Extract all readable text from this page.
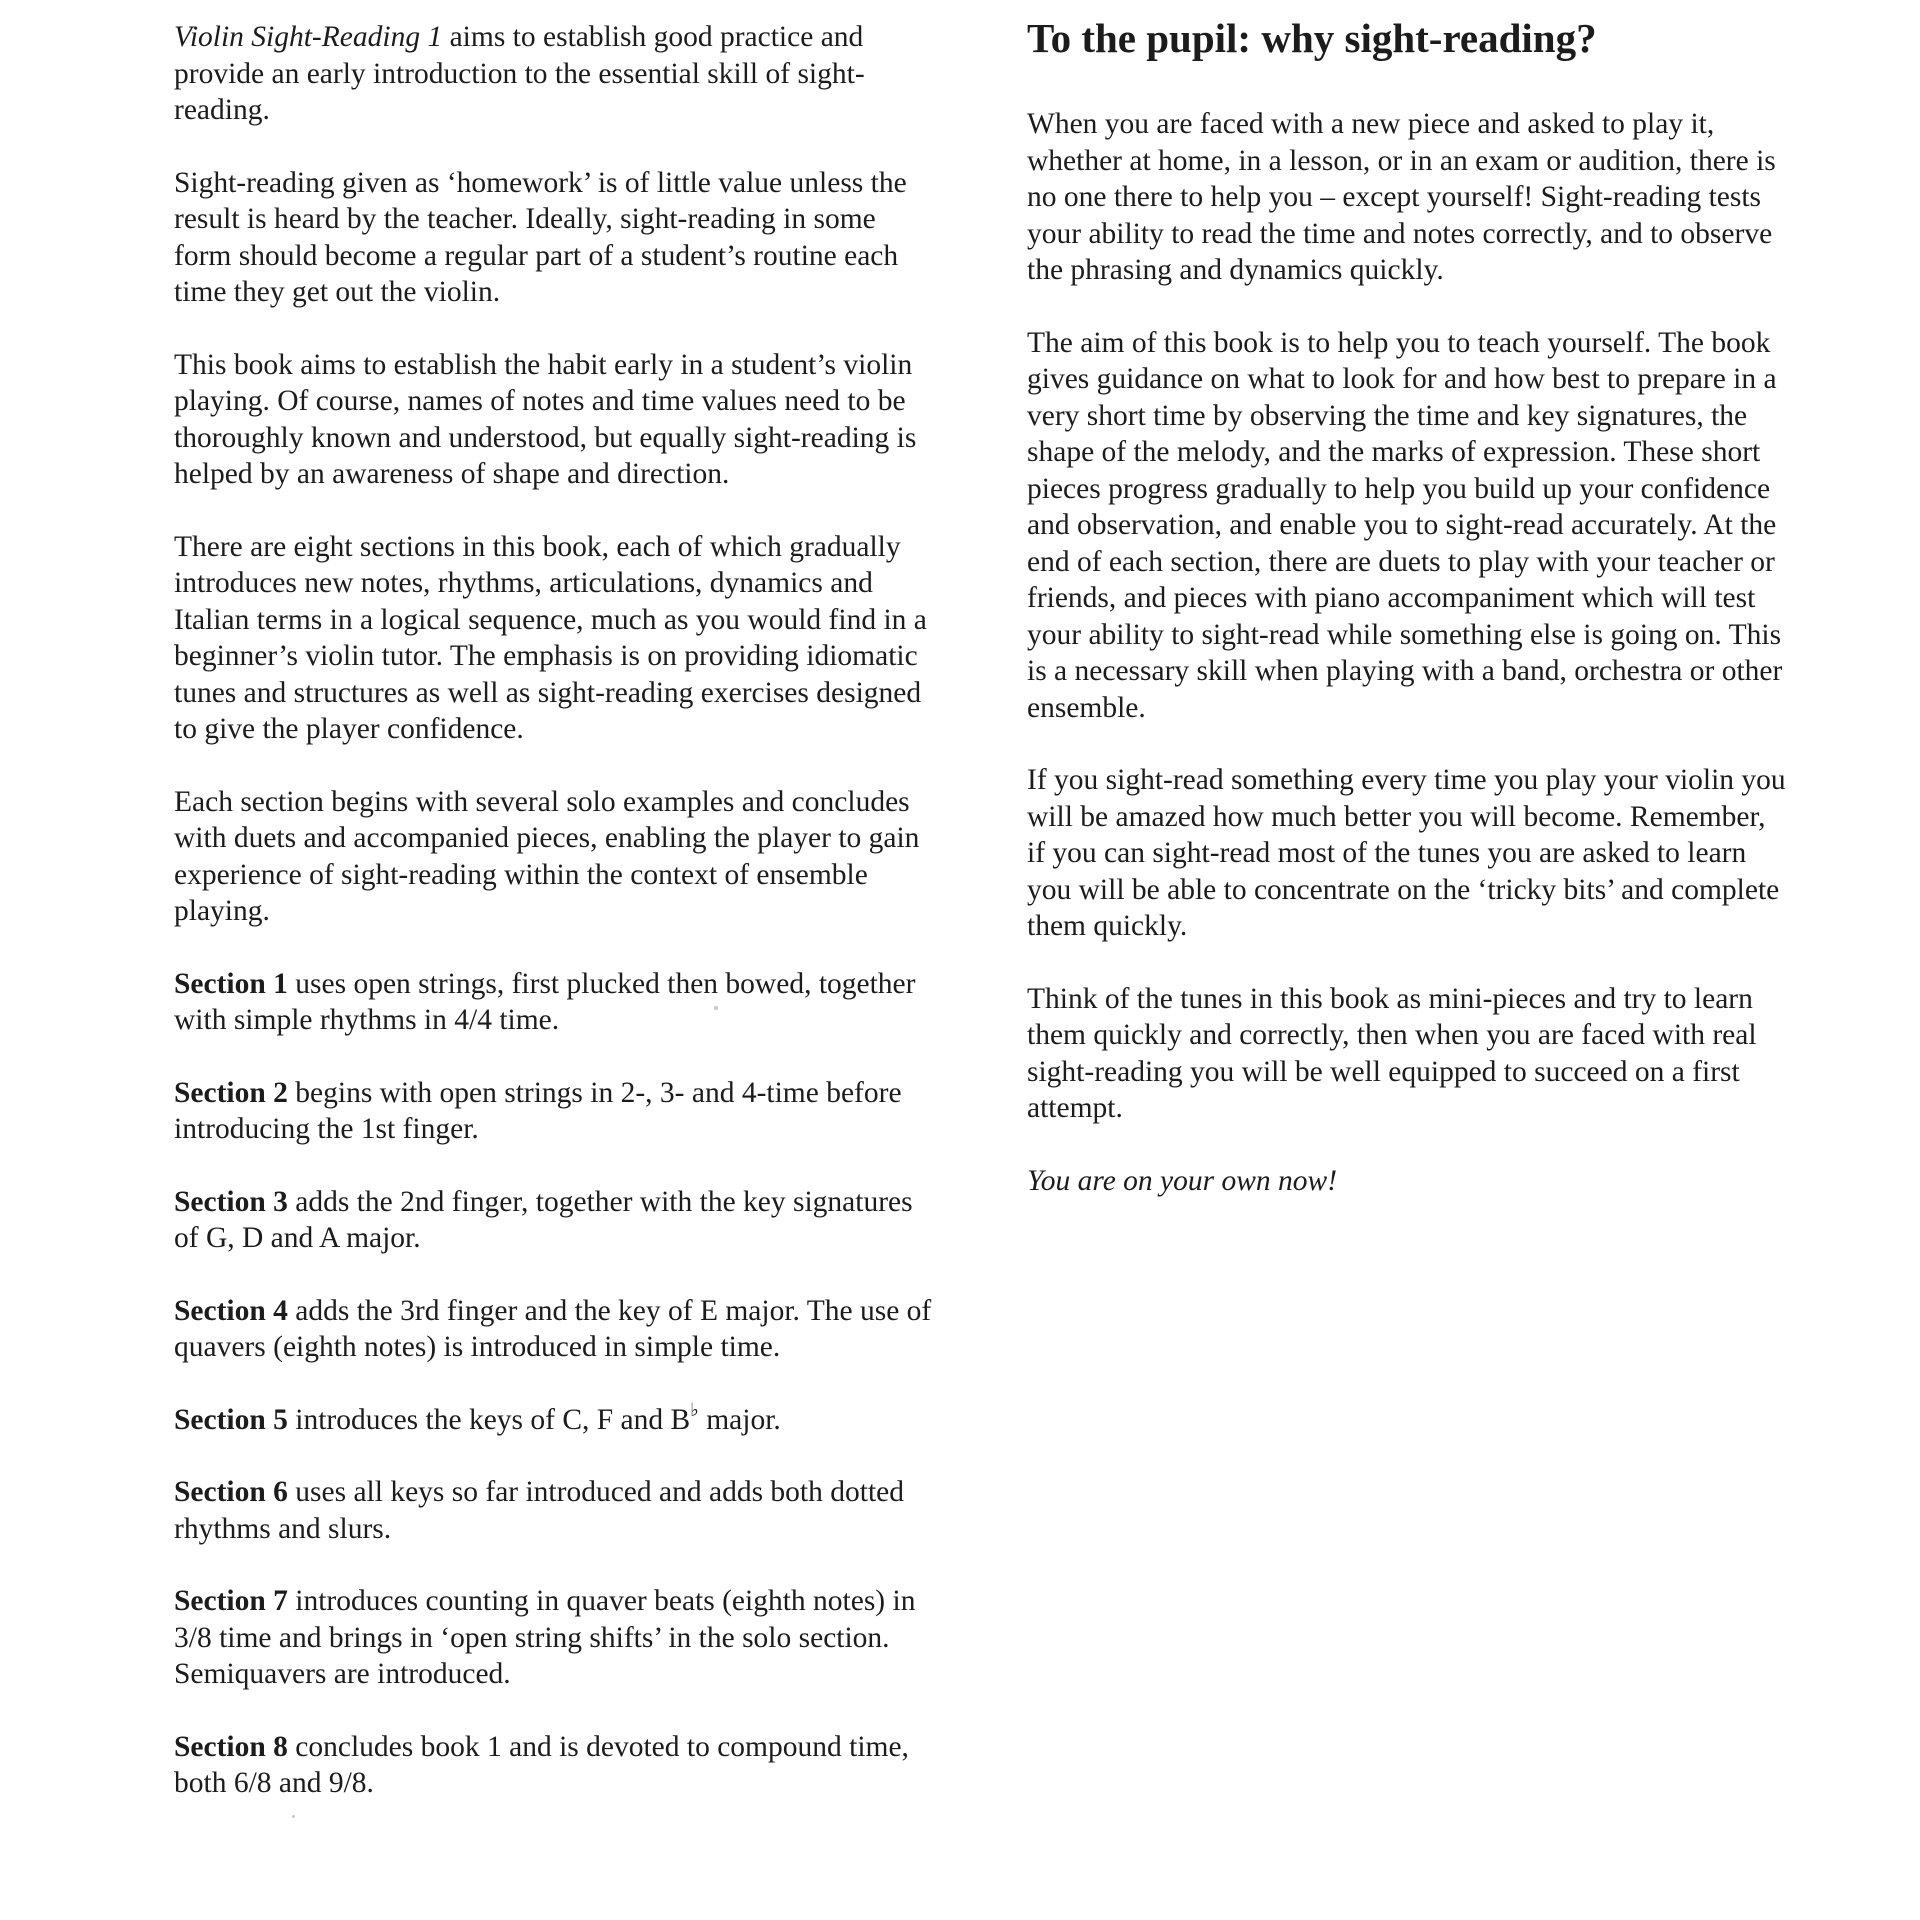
Violin Sight-Reading 1 aims to establish good practice and provide an early introduction to the essential skill of sight-reading.

Sight-reading given as ‘homework’ is of little value unless the result is heard by the teacher. Ideally, sight-reading in some form should become a regular part of a student’s routine each time they get out the violin.

This book aims to establish the habit early in a student’s violin playing. Of course, names of notes and time values need to be thoroughly known and understood, but equally sight-reading is helped by an awareness of shape and direction.

There are eight sections in this book, each of which gradually introduces new notes, rhythms, articulations, dynamics and Italian terms in a logical sequence, much as you would find in a beginner’s violin tutor. The emphasis is on providing idiomatic tunes and structures as well as sight-reading exercises designed to give the player confidence.

Each section begins with several solo examples and concludes with duets and accompanied pieces, enabling the player to gain experience of sight-reading within the context of ensemble playing.

Section 1 uses open strings, first plucked then bowed, together with simple rhythms in 4/4 time.

Section 2 begins with open strings in 2-, 3- and 4-time before introducing the 1st finger.

Section 3 adds the 2nd finger, together with the key signatures of G, D and A major.

Section 4 adds the 3rd finger and the key of E major. The use of quavers (eighth notes) is introduced in simple time.

Section 5 introduces the keys of C, F and B♭ major.

Section 6 uses all keys so far introduced and adds both dotted rhythms and slurs.

Section 7 introduces counting in quaver beats (eighth notes) in 3/8 time and brings in ‘open string shifts’ in the solo section. Semiquavers are introduced.

Section 8 concludes book 1 and is devoted to compound time, both 6/8 and 9/8.

To the pupil: why sight-reading?

When you are faced with a new piece and asked to play it, whether at home, in a lesson, or in an exam or audition, there is no one there to help you – except yourself! Sight-reading tests your ability to read the time and notes correctly, and to observe the phrasing and dynamics quickly.

The aim of this book is to help you to teach yourself. The book gives guidance on what to look for and how best to prepare in a very short time by observing the time and key signatures, the shape of the melody, and the marks of expression. These short pieces progress gradually to help you build up your confidence and observation, and enable you to sight-read accurately. At the end of each section, there are duets to play with your teacher or friends, and pieces with piano accompaniment which will test your ability to sight-read while something else is going on. This is a necessary skill when playing with a band, orchestra or other ensemble.

If you sight-read something every time you play your violin you will be amazed how much better you will become. Remember, if you can sight-read most of the tunes you are asked to learn you will be able to concentrate on the ‘tricky bits’ and complete them quickly.

Think of the tunes in this book as mini-pieces and try to learn them quickly and correctly, then when you are faced with real sight-reading you will be well equipped to succeed on a first attempt.

You are on your own now!
